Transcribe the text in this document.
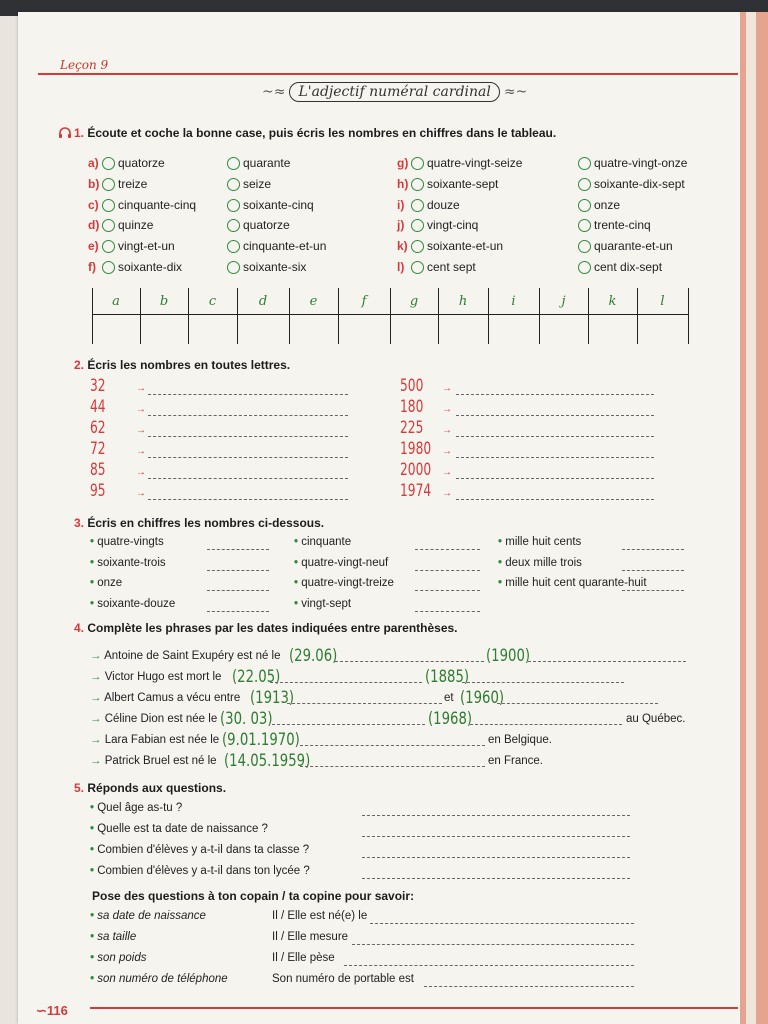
Leçon 9
~≈ L'adjectif numéral cardinal ≈~
1. Écoute et coche la bonne case, puis écris les nombres en chiffres dans le tableau.
a) quatorze	quarante	g) quatre-vingt-seize	quatre-vingt-onze
b) treize	seize	h) soixante-sept	soixante-dix-sept
c) cinquante-cinq	soixante-cinq	i) douze	onze
d) quinze	quatorze	j) vingt-cinq	trente-cinq
e) vingt-et-un	cinquante-et-un	k) soixante-et-un	quarante-et-un
f) soixante-dix	soixante-six	l) cent sept	cent dix-sept
a	b	c	d	e	f	g	h	i	j	k	l
2. Écris les nombres en toutes lettres.
32	→	500 →
44	→	180 →
62	→	225 →
72	→	1980 →
85	→	2000 →
95	→	1974 →
3. Écris en chiffres les nombres ci-dessous.
• quatre-vingts
• soixante-trois
• onze
• soixante-douze
• cinquante
• quatre-vingt-neuf
• quatre-vingt-treize
• vingt-sept
• mille huit cents
• deux mille trois
• mille huit cent quarante-huit
4. Complète les phrases par les dates indiquées entre parenthèses.
→ Antoine de Saint Exupéry est né le (29.06)	(1900)
→ Victor Hugo est mort le (22.05)	(1885)
→ Albert Camus a vécu entre (1913)	et (1960)
→ Céline Dion est née le (30. 03)	(1968)	au Québec.
→ Lara Fabian est née le (9.01.1970)	en Belgique.
→ Patrick Bruel est né le (14.05.1959)	en France.
5. Réponds aux questions.
• Quel âge as-tu ?
• Quelle est ta date de naissance ?
• Combien d'élèves y a-t-il dans ta classe ?
• Combien d'élèves y a-t-il dans ton lycée ?
Pose des questions à ton copain / ta copine pour savoir:
• sa date de naissance	Il / Elle est né(e) le
• sa taille	Il / Elle mesure
• son poids	Il / Elle pèse
• son numéro de téléphone	Son numéro de portable est
∽116
